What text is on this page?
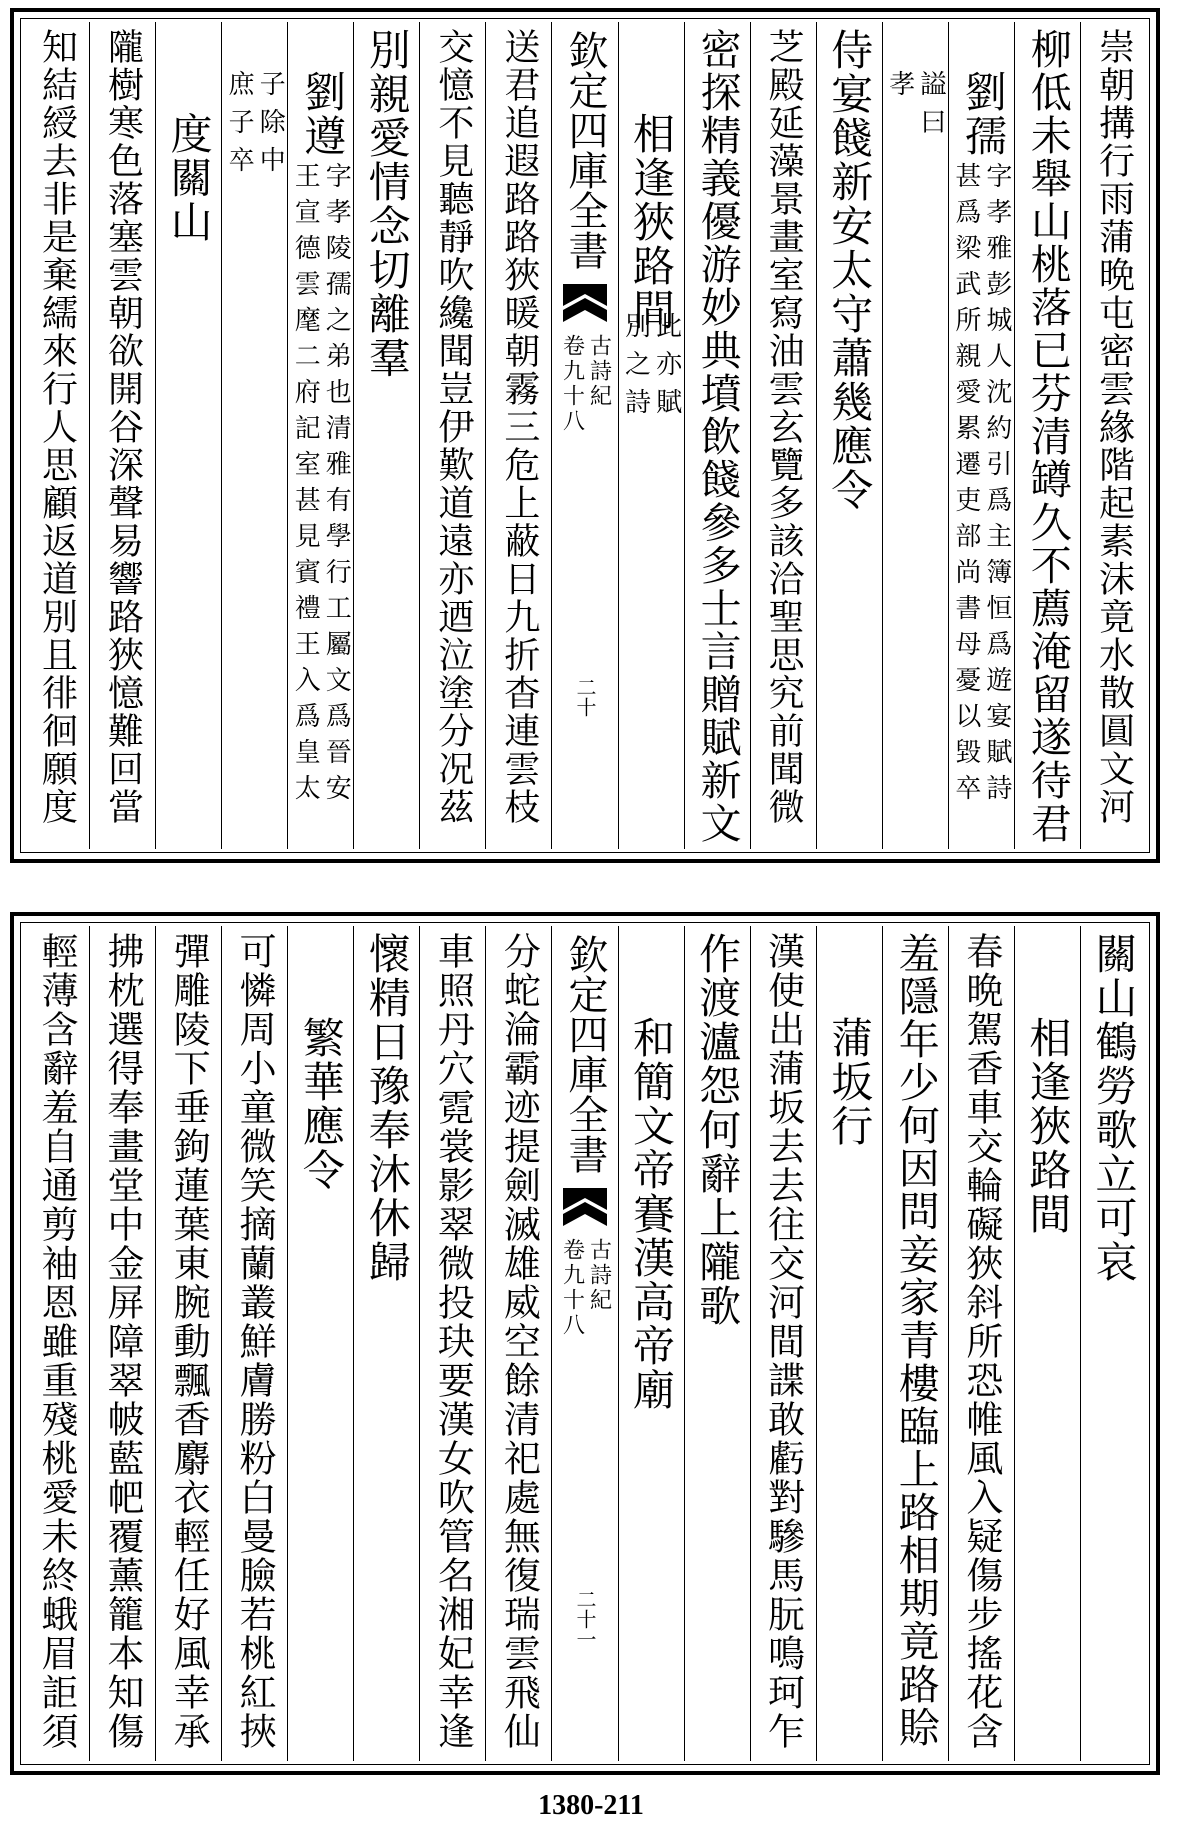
崇朝搆行雨蒲晩屯密雲緣階起素沫竟水散圓文河
柳低未舉山桃落已芬清罇久不薦淹留遂待君
劉孺
字孝雅彭城人沈約引爲主簿恒爲遊宴賦詩
甚爲梁武所親愛累遷吏部尚書母憂以毀卒
謚曰
孝
侍宴餞新安太守蕭幾應令
芝殿延藻景畫室寫油雲玄覽多該洽聖思究前聞微
密探精義優游妙典墳飲餞參多士言贈賦新文
相逢狹路間
此亦賦
別之詩
欽定四庫全書
古詩紀
卷九十八
二十
送君追遐路路狹暖朝霧三危上蔽日九折杳連雲枝
交憶不見聽靜吹纔聞豈伊歎道遠亦迺泣塗分况茲
別親愛情念切離羣
劉遵
字孝陵孺之弟也清雅有學行工屬文爲晉安
王宣德雲麾二府記室甚見賓禮王入爲皇太
子除中
庶子卒
度關山
隴樹寒色落塞雲朝欲開谷深聲易響路狹憶難回當
知結綬去非是棄繻來行人思顧返道別且徘徊願度
關山鶴勞歌立可哀
相逢狹路間
春晩駕香車交輪礙狹斜所恐帷風入疑傷步搖花含
羞隱年少何因問妾家青樓臨上路相期竟路賒
蒲坂行
漢使出蒲坂去去往交河間諜敢虧對驂馬朊鳴珂乍
作渡瀘怨何辭上隴歌
和簡文帝賽漢高帝廟
欽定四庫全書
古詩紀
卷九十八
二十一
分蛇淪霸迹提劍滅雄威空餘清祀處無復瑞雲飛仙
車照丹穴霓裳影翠微投玦要漢女吹管名湘妃幸逢
懷精日豫奉沐休歸
繁華應令
可憐周小童微笑摘蘭叢鮮膚勝粉白曼臉若桃紅挾
彈雕陵下垂鉤蓮葉東腕動飄香麝衣輕任好風幸承
拂枕選得奉畫堂中金屏障翠帔藍帊覆薰籠本知傷
輕薄含辭羞自通剪袖恩雖重殘桃愛未終蛾眉詎須
1380-211
